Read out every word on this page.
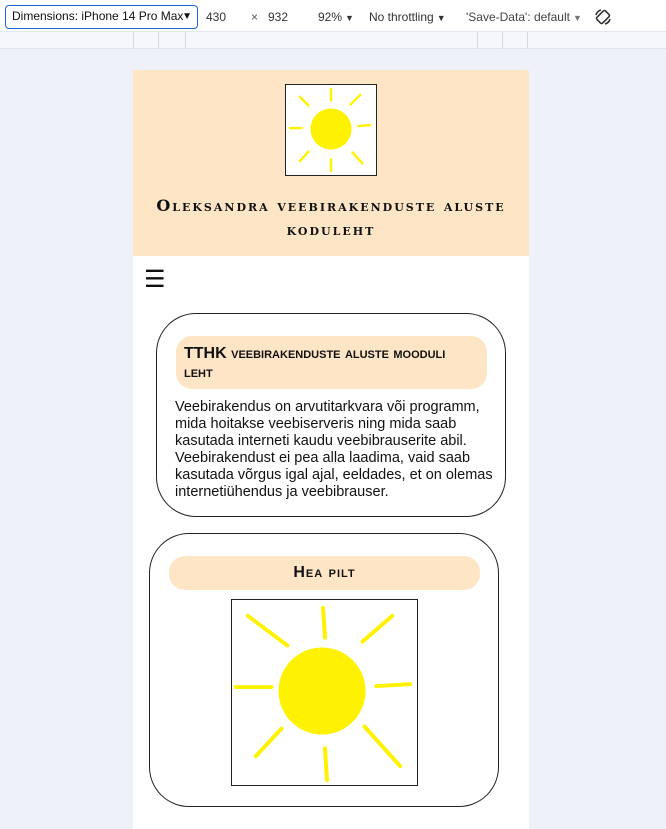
Dimensions: iPhone 14 Pro Max
▼ 430 × 932 92% ▼ No throttling ▼ 'Save-Data': default ▼
Oleksandra veebirakenduste aluste koduleht
☰
TTHK veebirakenduste aluste mooduli leht
Veebirakendus on arvutitarkvara või programm, mida hoitakse veebiserveris ning mida saab kasutada interneti kaudu veebibrauserite abil. Veebirakendust ei pea alla laadima, vaid saab kasutada võrgus igal ajal, eeldades, et on olemas internetiühendus ja veebibrauser.
Hea pilt
